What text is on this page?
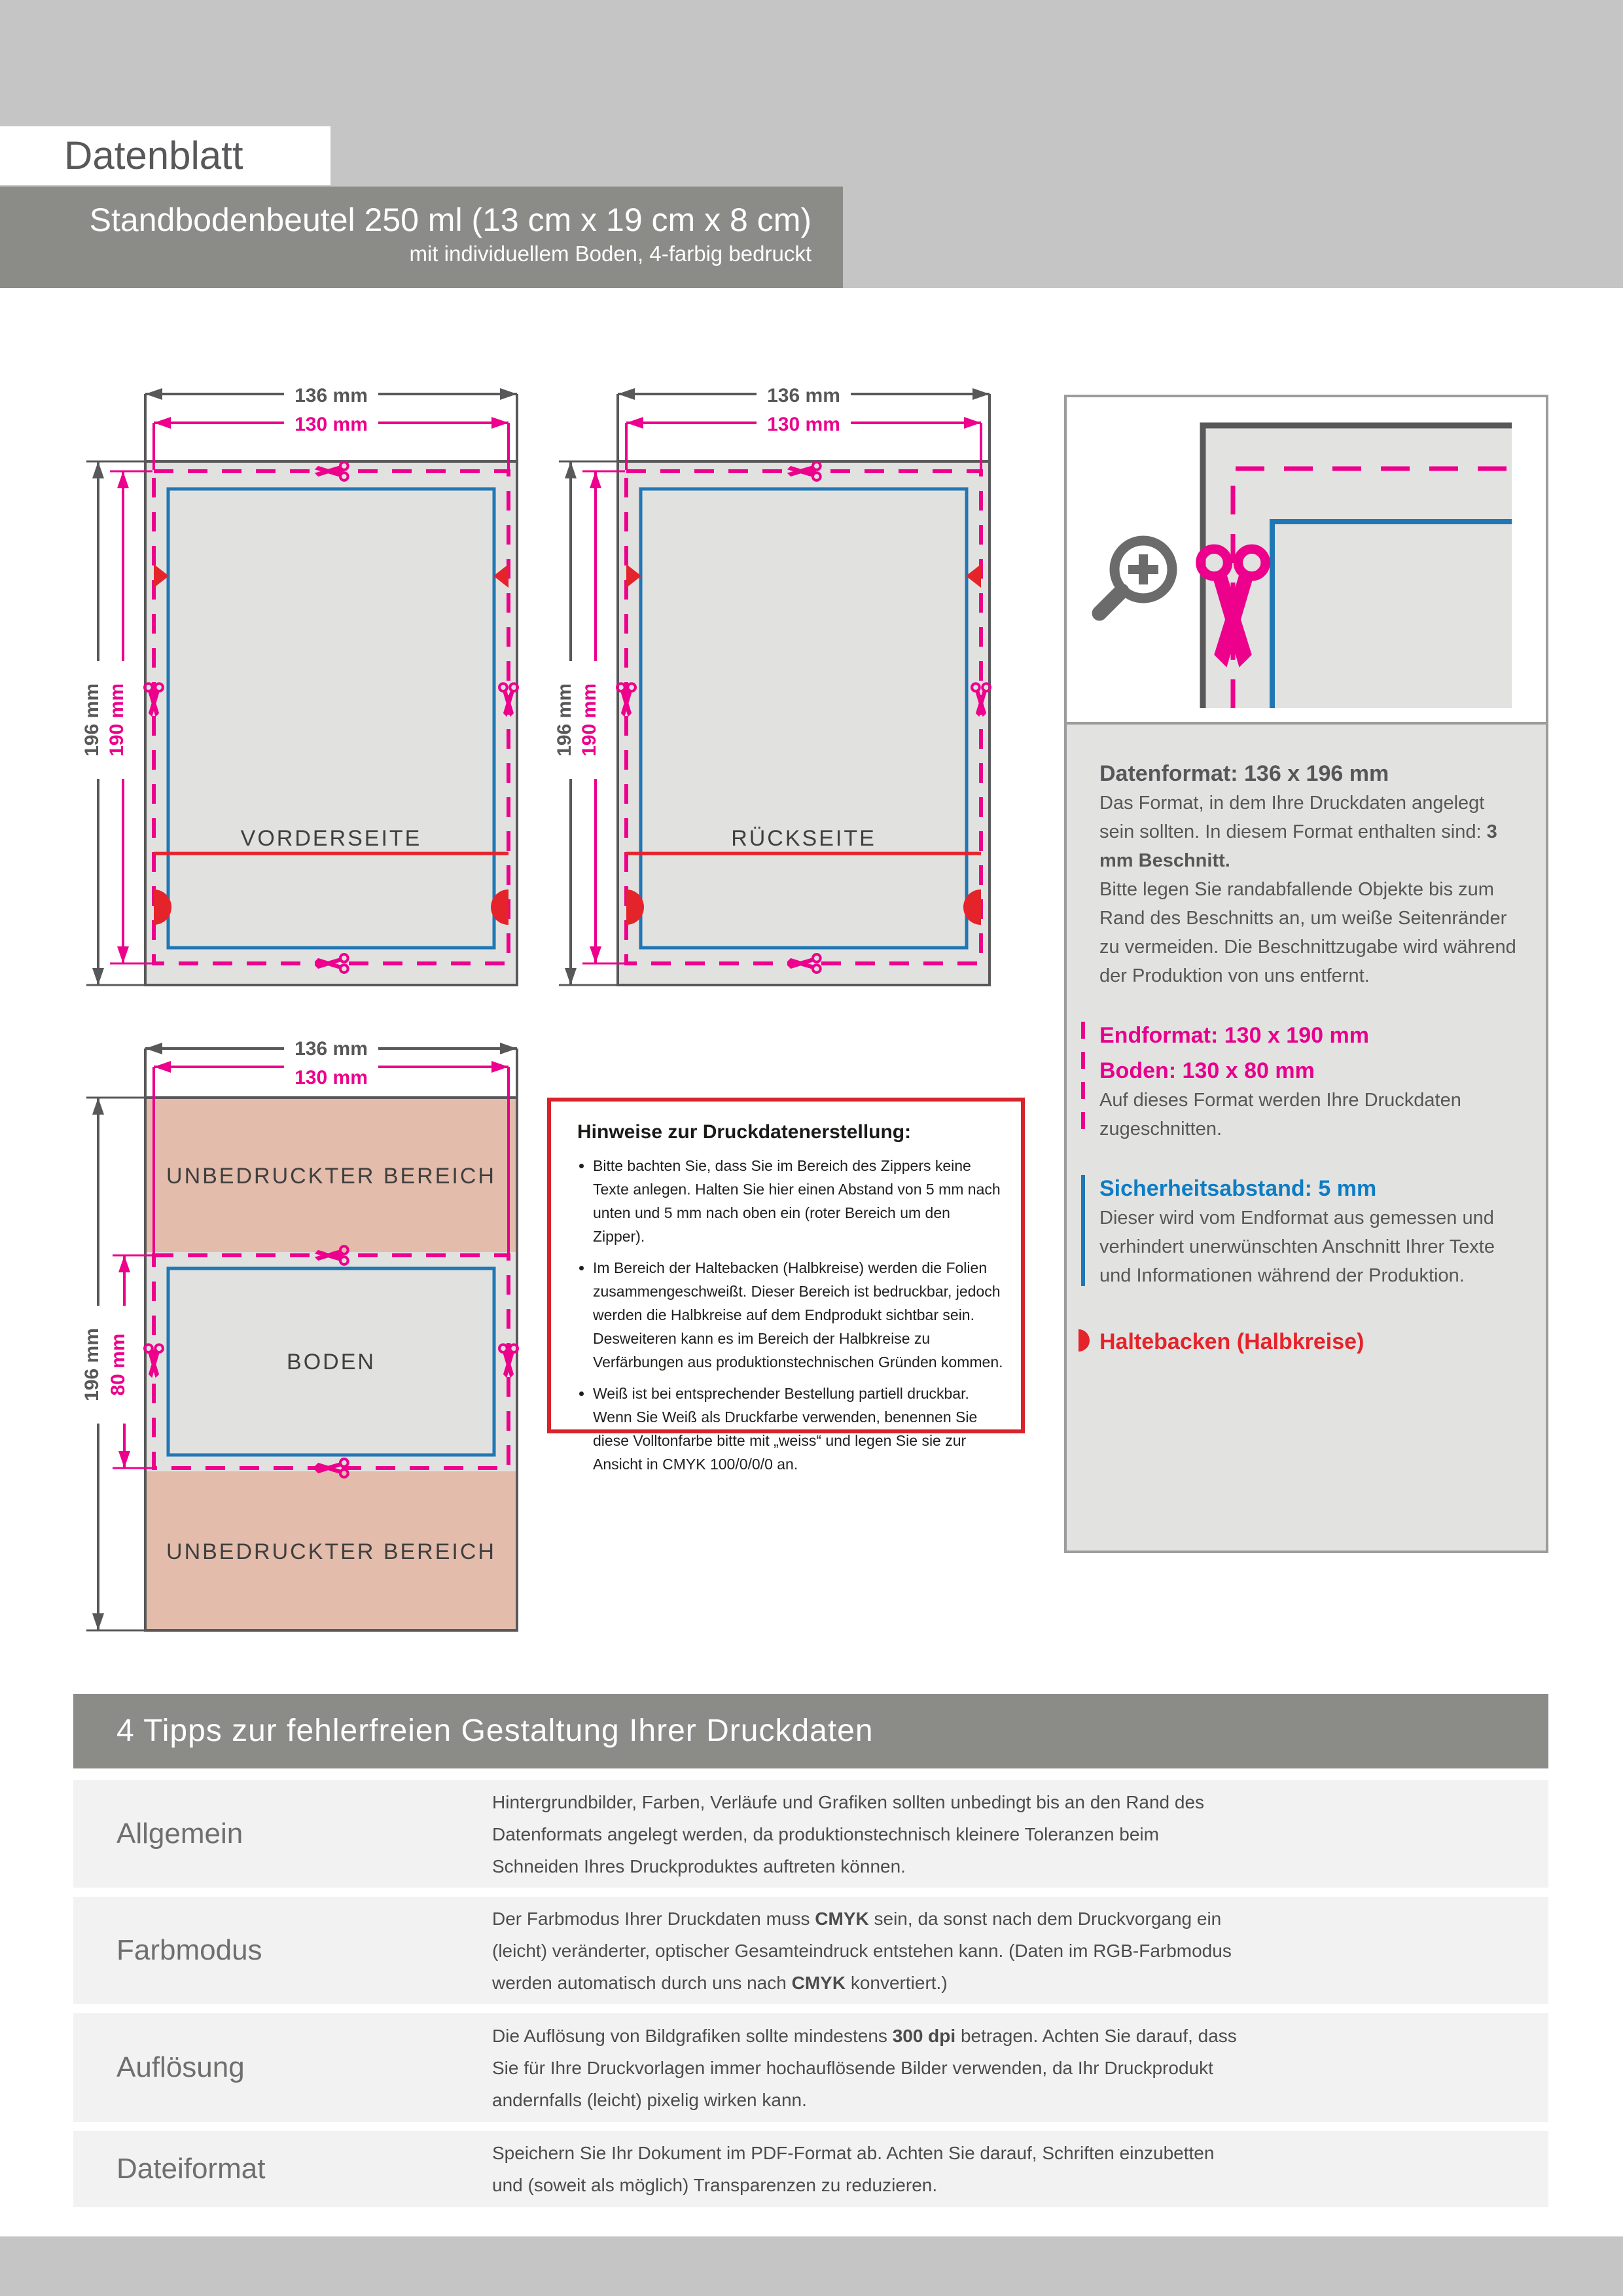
Datenblatt
Standbodenbeutel 250 ml (13 cm x 19 cm x 8 cm)
mit individuellem Boden, 4-farbig bedruckt
VORDERSEITE	RÜCKSEITE
136 mm
130 mm
196 mm 80 mm
UNBEDRUCKTER BEREICH
BODEN
UNBEDRUCKTER BEREICH
Datenformat: 136 x 196 mm

Das Format, in dem Ihre Druckdaten angelegt sein sollten. In diesem Format enthalten sind: 3 mm Beschnitt.

Bitte legen Sie randabfallende Objekte bis zum Rand des Beschnitts an, um weiße Seitenränder zu vermeiden. Die Beschnittzugabe wird während der Produktion von uns entfernt.

Endformat: 130 x 190 mm
Boden: 130 x 80 mm

Auf dieses Format werden Ihre Druckdaten zugeschnitten.

Sicherheitsabstand: 5 mm

Dieser wird vom Endformat aus gemessen und verhindert unerwünschten Anschnitt Ihrer Texte und Informationen während der Produktion.

Haltebacken (Halbkreise)
Hinweise zur Druckdatenerstellung:
• Bitte bachten Sie, dass Sie im Bereich des Zippers keine Texte anlegen. Halten Sie hier einen Abstand von 5 mm nach unten und 5 mm nach oben ein (roter Bereich um den Zipper).
• Im Bereich der Haltebacken (Halbkreise) werden die Folien zusammengeschweißt. Dieser Bereich ist bedruckbar, jedoch werden die Halbkreise auf dem Endprodukt sichtbar sein. Desweiteren kann es im Bereich der Halbkreise zu Verfärbungen aus produktionstechnischen Gründen kommen.
• Weiß ist bei entsprechender Bestellung partiell druckbar. Wenn Sie Weiß als Druckfarbe verwenden, benennen Sie diese Volltonfarbe bitte mit „weiss“ und legen Sie sie zur Ansicht in CMYK 100/0/0/0 an.
4 Tipps zur fehlerfreien Gestaltung Ihrer Druckdaten
Allgemein
Hintergrundbilder, Farben, Verläufe und Grafiken sollten unbedingt bis an den Rand des Datenformats angelegt werden, da produktionstechnisch kleinere Toleranzen beim Schneiden Ihres Druckproduktes auftreten können.
Farbmodus
Der Farbmodus Ihrer Druckdaten muss CMYK sein, da sonst nach dem Druckvorgang ein (leicht) veränderter, optischer Gesamteindruck entstehen kann. (Daten im RGB-Farbmodus werden automatisch durch uns nach CMYK konvertiert.)
Auflösung
Die Auflösung von Bildgrafiken sollte mindestens 300 dpi betragen. Achten Sie darauf, dass Sie für Ihre Druckvorlagen immer hochauflösende Bilder verwenden, da Ihr Druckprodukt andernfalls (leicht) pixelig wirken kann.
Dateiformat	Speichern Sie Ihr Dokument im PDF-Format ab. Achten Sie darauf, Schriften einzubetten und (soweit als möglich) Transparenzen zu reduzieren.
